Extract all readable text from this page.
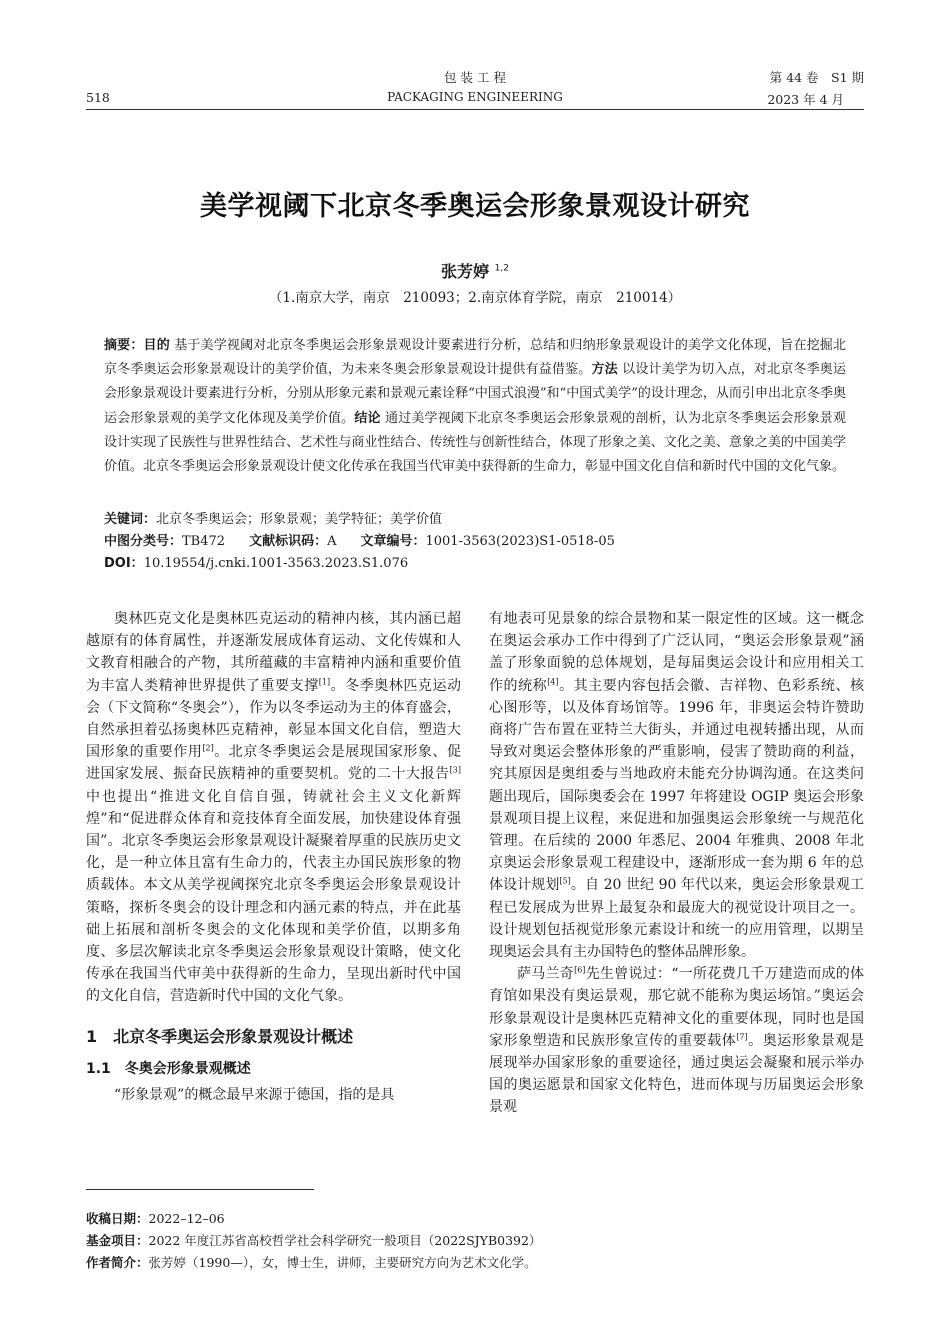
包 装 工 程
518	PACKAGING ENGINEERING
第 44 卷　S1 期
2023 年 4 月
美学视阈下北京冬季奥运会形象景观设计研究
张芳婷 $^{1,2}$
（1.南京大学，南京　210093；2.南京体育学院，南京　210014）
摘要：目的 基于美学视阈对北京冬季奥运会形象景观设计要素进行分析，总结和归纳形象景观设计的美学文化体现，旨在挖掘北京冬季奥运会形象景观设计的美学价值，为未来冬奥会形象景观设计提供有益借鉴。方法 以设计美学为切入点，对北京冬季奥运会形象景观设计要素进行分析，分别从形象元素和景观元素诠释“中国式浪漫”和“中国式美学”的设计理念，从而引申出北京冬季奥运会形象景观的美学文化体现及美学价值。结论 通过美学视阈下北京冬季奥运会形象景观的剖析，认为北京冬季奥运会形象景观设计实现了民族性与世界性结合、艺术性与商业性结合、传统性与创新性结合，体现了形象之美、文化之美、意象之美的中国美学价值。北京冬季奥运会形象景观设计使文化传承在我国当代审美中获得新的生命力，彰显中国文化自信和新时代中国的文化气象。
关键词：北京冬季奥运会；形象景观；美学特征；美学价值
中图分类号：TB472 文献标识码：A 文章编号：1001-3563(2023)S1-0518-05
DOI：10.19554/j.cnki.1001-3563.2023.S1.076

奥林匹克文化是奥林匹克运动的精神内核，其内涵已超越原有的体育属性，并逐渐发展成体育运动、文化传媒和人文教育相融合的产物，其所蕴藏的丰富精神内涵和重要价值为丰富人类精神世界提供了重要支撑[1]。冬季奥林匹克运动会（下文简称“冬奥会”），作为以冬季运动为主的体育盛会，自然承担着弘扬奥林匹克精神，彰显本国文化自信，塑造大国形象的重要作用[2]。北京冬季奥运会是展现国家形象、促进国家发展、振奋民族精神的重要契机。党的二十大报告[3]中也提出“推进文化自信自强，铸就社会主义文化新辉煌”和“促进群众体育和竞技体育全面发展，加快建设体育强国”。北京冬季奥运会形象景观设计凝聚着厚重的民族历史文化，是一种立体且富有生命力的，代表主办国民族形象的物质载体。本文从美学视阈探究北京冬季奥运会形象景观设计策略，探析冬奥会的设计理念和内涵元素的特点，并在此基础上拓展和剖析冬奥会的文化体现和美学价值，以期多角度、多层次解读北京冬季奥运会形象景观设计策略，使文化传承在我国当代审美中获得新的生命力，呈现出新时代中国的文化自信，营造新时代中国的文化气象。

1　北京冬季奥运会形象景观设计概述
1.1　冬奥会形象景观概述

“形象景观”的概念最早来源于德国，指的是具

有地表可见景象的综合景物和某一限定性的区域。这一概念在奥运会承办工作中得到了广泛认同，“奥运会形象景观”涵盖了形象面貌的总体规划，是每届奥运会设计和应用相关工作的统称[4]。其主要内容包括会徽、吉祥物、色彩系统、核心图形等，以及体育场馆等。1996 年，非奥运会特许赞助商将广告布置在亚特兰大街头，并通过电视转播出现，从而导致对奥运会整体形象的严重影响，侵害了赞助商的利益，究其原因是奥组委与当地政府未能充分协调沟通。在这类问题出现后，国际奥委会在 1997 年将建设 OGIP 奥运会形象景观项目提上议程，来促进和加强奥运会形象统一与规范化管理。在后续的 2000 年悉尼、2004 年雅典、2008 年北京奥运会形象景观工程建设中，逐渐形成一套为期 6 年的总体设计规划[5]。自 20 世纪 90 年代以来，奥运会形象景观工程已发展成为世界上最复杂和最庞大的视觉设计项目之一。设计规划包括视觉形象元素设计和统一的应用管理，以期呈现奥运会具有主办国特色的整体品牌形象。

萨马兰奇[6]先生曾说过：“一所花费几千万建造而成的体育馆如果没有奥运景观，那它就不能称为奥运场馆。”奥运会形象景观设计是奥林匹克精神文化的重要体现，同时也是国家形象塑造和民族形象宣传的重要载体[7]。奥运形象景观是展现举办国家形象的重要途径，通过奥运会凝聚和展示举办国的奥运愿景和国家文化特色，进而体现与历届奥运会形象景观

收稿日期：2022–12–06
基金项目：2022 年度江苏省高校哲学社会科学研究一般项目（2022SJYB0392）
作者简介：张芳婷（1990—），女，博士生，讲师，主要研究方向为艺术文化学。
